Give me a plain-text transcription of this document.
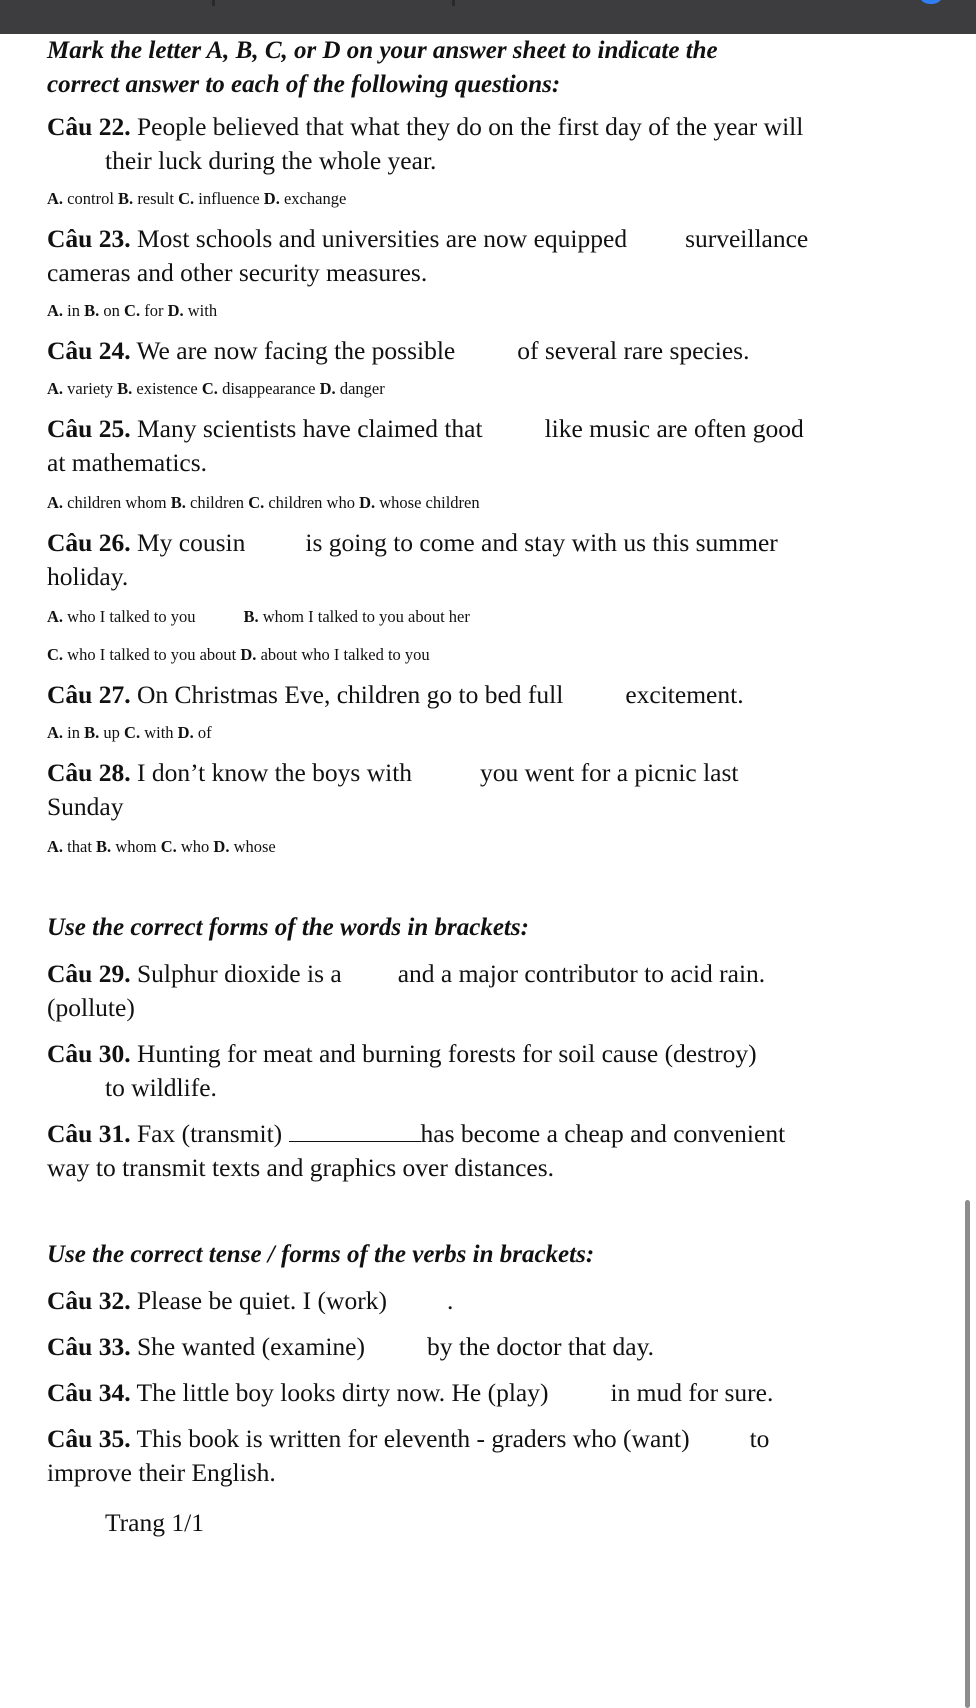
Mark the letter A, B, C, or D on your answer sheet to indicate the
correct answer to each of the following questions:

Câu 22. People believed that what they do on the first day of the year will

their luck during the whole year.

A. control B. result C. influence D. exchange

Câu 23. Most schools and universities are now equipped surveillance

cameras and other security measures.

A. in B. on C. for D. with

Câu 24. We are now facing the possible of several rare species.

A. variety B. existence C. disappearance D. danger

Câu 25. Many scientists have claimed that like music are often good

at mathematics.

A. children whom B. children C. children who D. whose children

Câu 26. My cousin is going to come and stay with us this summer

holiday.

A. who I talked to you	B. whom I talked to you about her

C. who I talked to you about D. about who I talked to you

Câu 27. On Christmas Eve, children go to bed full excitement.

A. in B. up C. with D. of

Câu 28. I don’t know the boys with	you went for a picnic last

Sunday

A. that B. whom C. who D. whose

Use the correct forms of the words in brackets:

Câu 29. Sulphur dioxide is a and a major contributor to acid rain.

(pollute)

Câu 30. Hunting for meat and burning forests for soil cause (destroy)

to wildlife.

Câu 31. Fax (transmit)	has become a cheap and convenient

way to transmit texts and graphics over distances.

Use the correct tense / forms of the verbs in brackets:

Câu 32. Please be quiet. I (work) .

Câu 33. She wanted (examine) by the doctor that day.

Câu 34. The little boy looks dirty now. He (play) in mud for sure.

Câu 35. This book is written for eleventh - graders who (want) to

improve their English.

Trang 1/1
